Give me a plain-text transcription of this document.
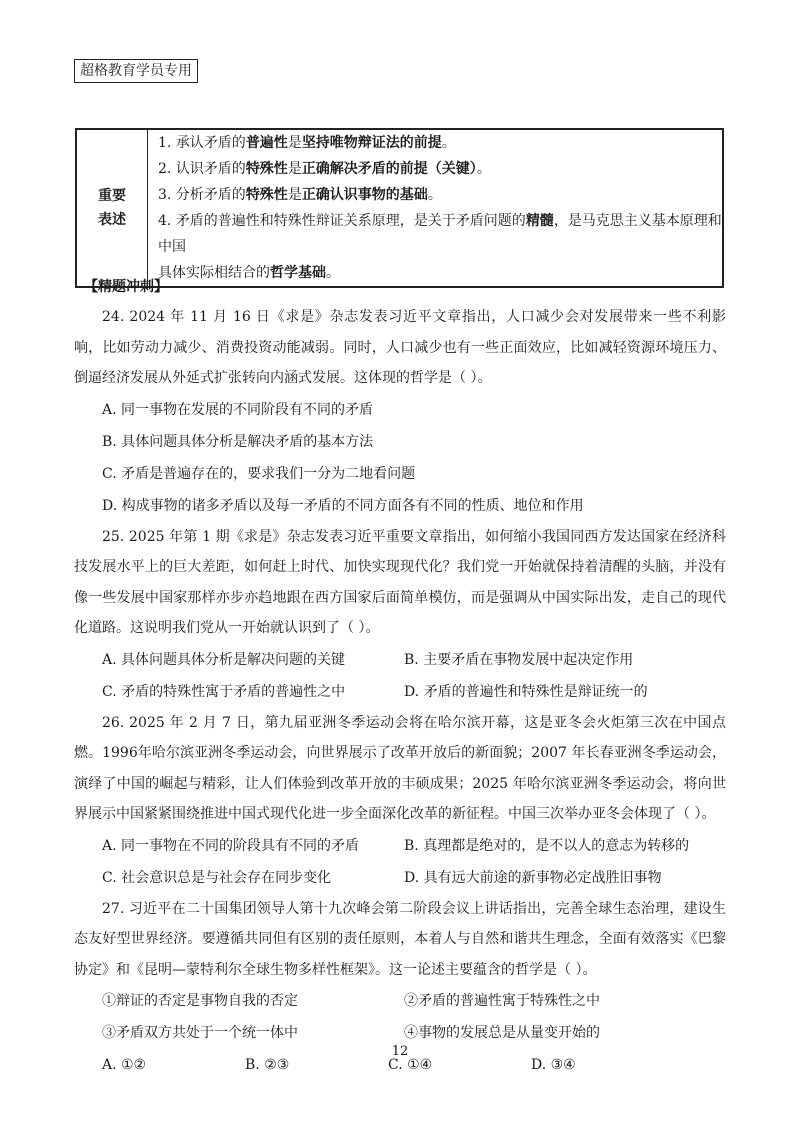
超格教育学员专用
重要
表述

1. 承认矛盾的普遍性是坚持唯物辩证法的前提。
2. 认识矛盾的特殊性是正确解决矛盾的前提（关键）。
3. 分析矛盾的特殊性是正确认识事物的基础。
4. 矛盾的普遍性和特殊性辩证关系原理，是关于矛盾问题的精髓，是马克思主义基本原理和中国
具体实际相结合的哲学基础。
【精题冲刺】
24. 2024 年 11 月 16 日《求是》杂志发表习近平文章指出，人口减少会对发展带来一些不利影响，比如劳动力减少、消费投资动能减弱。同时，人口减少也有一些正面效应，比如减轻资源环境压力、倒逼经济发展从外延式扩张转向内涵式发展。这体现的哲学是（ ）。
A. 同一事物在发展的不同阶段有不同的矛盾
B. 具体问题具体分析是解决矛盾的基本方法
C. 矛盾是普遍存在的，要求我们一分为二地看问题
D. 构成事物的诸多矛盾以及每一矛盾的不同方面各有不同的性质、地位和作用
25. 2025 年第 1 期《求是》杂志发表习近平重要文章指出，如何缩小我国同西方发达国家在经济科技发展水平上的巨大差距，如何赶上时代、加快实现现代化？我们党一开始就保持着清醒的头脑，并没有像一些发展中国家那样亦步亦趋地跟在西方国家后面简单模仿，而是强调从中国实际出发，走自己的现代化道路。这说明我们党从一开始就认识到了（ ）。
A. 具体问题具体分析是解决问题的关键	B. 主要矛盾在事物发展中起决定作用
C. 矛盾的特殊性寓于矛盾的普遍性之中	D. 矛盾的普遍性和特殊性是辩证统一的
26. 2025 年 2 月 7 日，第九届亚洲冬季运动会将在哈尔滨开幕，这是亚冬会火炬第三次在中国点燃。1996年哈尔滨亚洲冬季运动会，向世界展示了改革开放后的新面貌；2007 年长春亚洲冬季运动会，演绎了中国的崛起与精彩，让人们体验到改革开放的丰硕成果；2025 年哈尔滨亚洲冬季运动会，将向世界展示中国紧紧围绕推进中国式现代化进一步全面深化改革的新征程。中国三次举办亚冬会体现了（ ）。
A. 同一事物在不同的阶段具有不同的矛盾	B. 真理都是绝对的，是不以人的意志为转移的
C. 社会意识总是与社会存在同步变化	D. 具有远大前途的新事物必定战胜旧事物
27. 习近平在二十国集团领导人第十九次峰会第二阶段会议上讲话指出，完善全球生态治理，建设生态友好型世界经济。要遵循共同但有区别的责任原则，本着人与自然和谐共生理念，全面有效落实《巴黎协定》和《昆明—蒙特利尔全球生物多样性框架》。这一论述主要蕴含的哲学是（ ）。
①辩证的否定是事物自我的否定	②矛盾的普遍性寓于特殊性之中
③矛盾双方共处于一个统一体中	④事物的发展总是从量变开始的
A. ①②	B. ②③	C. ①④	D. ③④
12
